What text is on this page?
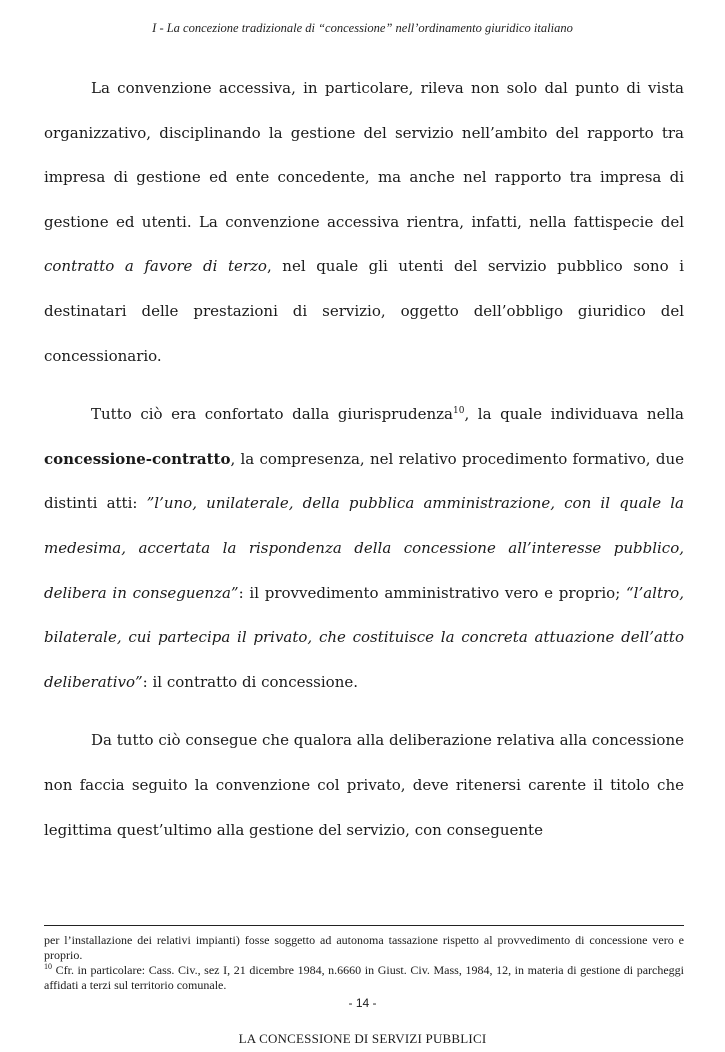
I - La concezione tradizionale di “concessione” nell’ordinamento giuridico italiano

La convenzione accessiva, in particolare, rileva non solo dal punto di vista organizzativo, disciplinando la gestione del servizio nell’ambito del rapporto tra impresa di gestione ed ente concedente, ma anche nel rapporto tra impresa di gestione ed utenti. La convenzione accessiva rientra, infatti, nella fattispecie del contratto a favore di terzo, nel quale gli utenti del servizio pubblico sono i destinatari delle prestazioni di servizio, oggetto dell’obbligo giuridico del concessionario.

Tutto ciò era confortato dalla giurisprudenza$^{10}$, la quale individuava nella concessione-contratto, la compresenza, nel relativo procedimento formativo, due distinti atti: ”l’uno, unilaterale, della pubblica amministrazione, con il quale la medesima, accertata la rispondenza della concessione all’interesse pubblico, delibera in conseguenza”: il provvedimento amministrativo vero e proprio; “l’altro, bilaterale, cui partecipa il privato, che costituisce la concreta attuazione dell’atto deliberativo”: il contratto di concessione.

Da tutto ciò consegue che qualora alla deliberazione relativa alla concessione non faccia seguito la convenzione col privato, deve ritenersi carente il titolo che legittima quest’ultimo alla gestione del servizio, con conseguente

per l’installazione dei relativi impianti) fosse soggetto ad autonoma tassazione rispetto al provvedimento di concessione vero e proprio.

$^{10}$ Cfr. in particolare: Cass. Civ., sez I, 21 dicembre 1984, n.6660 in Giust. Civ. Mass, 1984, 12, in materia di gestione di parcheggi affidati a terzi sul territorio comunale.

- 14 -
LA CONCESSIONE DI SERVIZI PUBBLICI
